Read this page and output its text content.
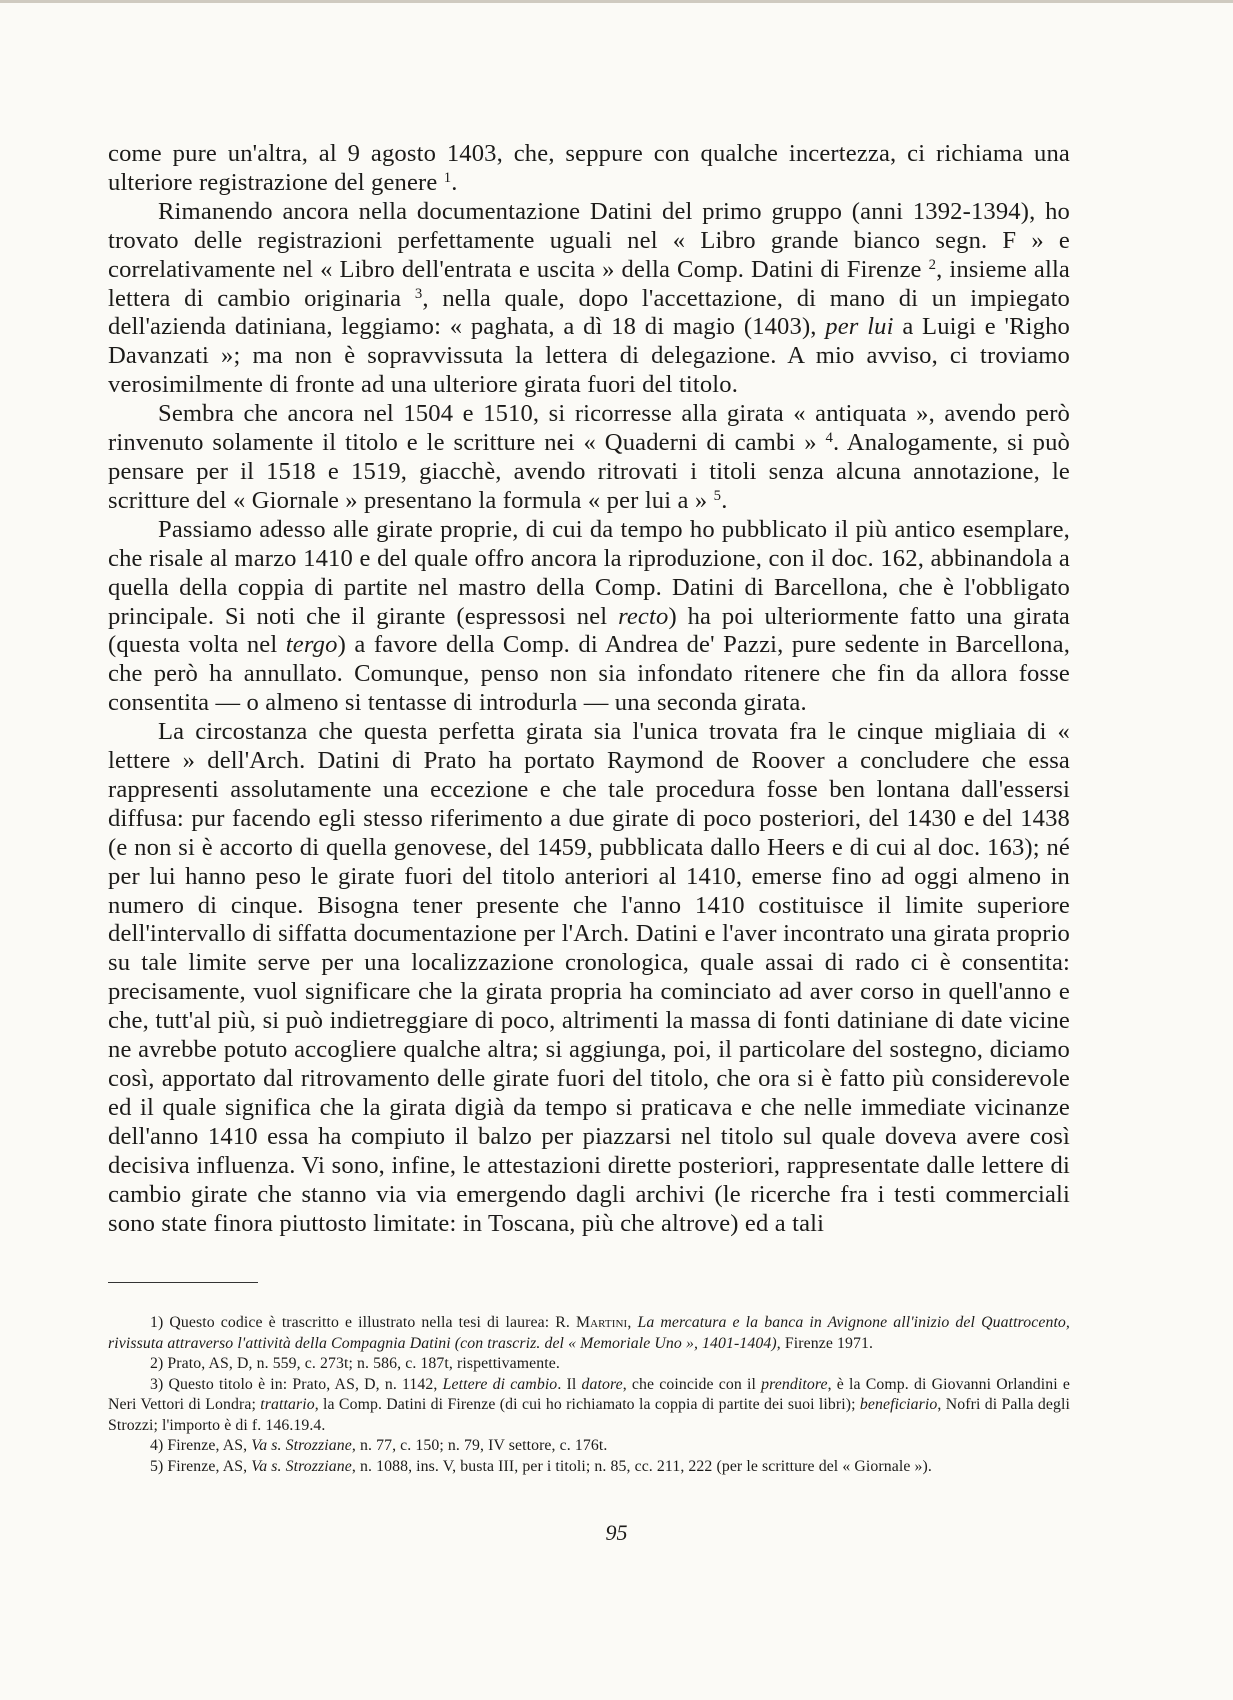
come pure un'altra, al 9 agosto 1403, che, seppure con qualche incertezza, ci richiama una ulteriore registrazione del genere $^1$.

Rimanendo ancora nella documentazione Datini del primo gruppo (anni 1392-1394), ho trovato delle registrazioni perfettamente uguali nel « Libro grande bianco segn. F » e correlativamente nel « Libro dell'entrata e uscita » della Comp. Datini di Firenze $^2$, insieme alla lettera di cambio originaria $^3$, nella quale, dopo l'accettazione, di mano di un impiegato dell'azienda datiniana, leggiamo: « paghata, a dì 18 di magio (1403), per lui a Luigi e 'Righo Davanzati »; ma non è sopravvissuta la lettera di delegazione. A mio avviso, ci troviamo verosimilmente di fronte ad una ulteriore girata fuori del titolo.

Sembra che ancora nel 1504 e 1510, si ricorresse alla girata « antiquata », avendo però rinvenuto solamente il titolo e le scritture nei « Quaderni di cambi » $^4$. Analogamente, si può pensare per il 1518 e 1519, giacchè, avendo ritrovati i titoli senza alcuna annotazione, le scritture del « Giornale » presentano la formula « per lui a » $^5$.

Passiamo adesso alle girate proprie, di cui da tempo ho pubblicato il più antico esemplare, che risale al marzo 1410 e del quale offro ancora la riproduzione, con il doc. 162, abbinandola a quella della coppia di partite nel mastro della Comp. Datini di Barcellona, che è l'obbligato principale. Si noti che il girante (espressosi nel recto) ha poi ulteriormente fatto una girata (questa volta nel tergo) a favore della Comp. di Andrea de' Pazzi, pure sedente in Barcellona, che però ha annullato. Comunque, penso non sia infondato ritenere che fin da allora fosse consentita — o almeno si tentasse di introdurla — una seconda girata.

La circostanza che questa perfetta girata sia l'unica trovata fra le cinque migliaia di « lettere » dell'Arch. Datini di Prato ha portato Raymond de Roover a concludere che essa rappresenti assolutamente una eccezione e che tale procedura fosse ben lontana dall'essersi diffusa: pur facendo egli stesso riferimento a due girate di poco posteriori, del 1430 e del 1438 (e non si è accorto di quella genovese, del 1459, pubblicata dallo Heers e di cui al doc. 163); né per lui hanno peso le girate fuori del titolo anteriori al 1410, emerse fino ad oggi almeno in numero di cinque. Bisogna tener presente che l'anno 1410 costituisce il limite superiore dell'intervallo di siffatta documentazione per l'Arch. Datini e l'aver incontrato una girata proprio su tale limite serve per una localizzazione cronologica, quale assai di rado ci è consentita: precisamente, vuol significare che la girata propria ha cominciato ad aver corso in quell'anno e che, tutt'al più, si può indietreggiare di poco, altrimenti la massa di fonti datiniane di date vicine ne avrebbe potuto accogliere qualche altra; si aggiunga, poi, il particolare del sostegno, diciamo così, apportato dal ritrovamento delle girate fuori del titolo, che ora si è fatto più considerevole ed il quale significa che la girata digià da tempo si praticava e che nelle immediate vicinanze dell'anno 1410 essa ha compiuto il balzo per piazzarsi nel titolo sul quale doveva avere così decisiva influenza. Vi sono, infine, le attestazioni dirette posteriori, rappresentate dalle lettere di cambio girate che stanno via via emergendo dagli archivi (le ricerche fra i testi commerciali sono state finora piuttosto limitate: in Toscana, più che altrove) ed a tali

1) Questo codice è trascritto e illustrato nella tesi di laurea: R. Martini, La mercatura e la banca in Avignone all'inizio del Quattrocento, rivissuta attraverso l'attività della Compagnia Datini (con trascriz. del « Memoriale Uno », 1401-1404), Firenze 1971.

2) Prato, AS, D, n. 559, c. 273t; n. 586, c. 187t, rispettivamente.

3) Questo titolo è in: Prato, AS, D, n. 1142, Lettere di cambio. Il datore, che coincide con il prenditore, è la Comp. di Giovanni Orlandini e Neri Vettori di Londra; trattario, la Comp. Datini di Firenze (di cui ho richiamato la coppia di partite dei suoi libri); beneficiario, Nofri di Palla degli Strozzi; l'importo è di f. 146.19.4.

4) Firenze, AS, Va s. Strozziane, n. 77, c. 150; n. 79, IV settore, c. 176t.

5) Firenze, AS, Va s. Strozziane, n. 1088, ins. V, busta III, per i titoli; n. 85, cc. 211, 222 (per le scritture del « Giornale »).

95
